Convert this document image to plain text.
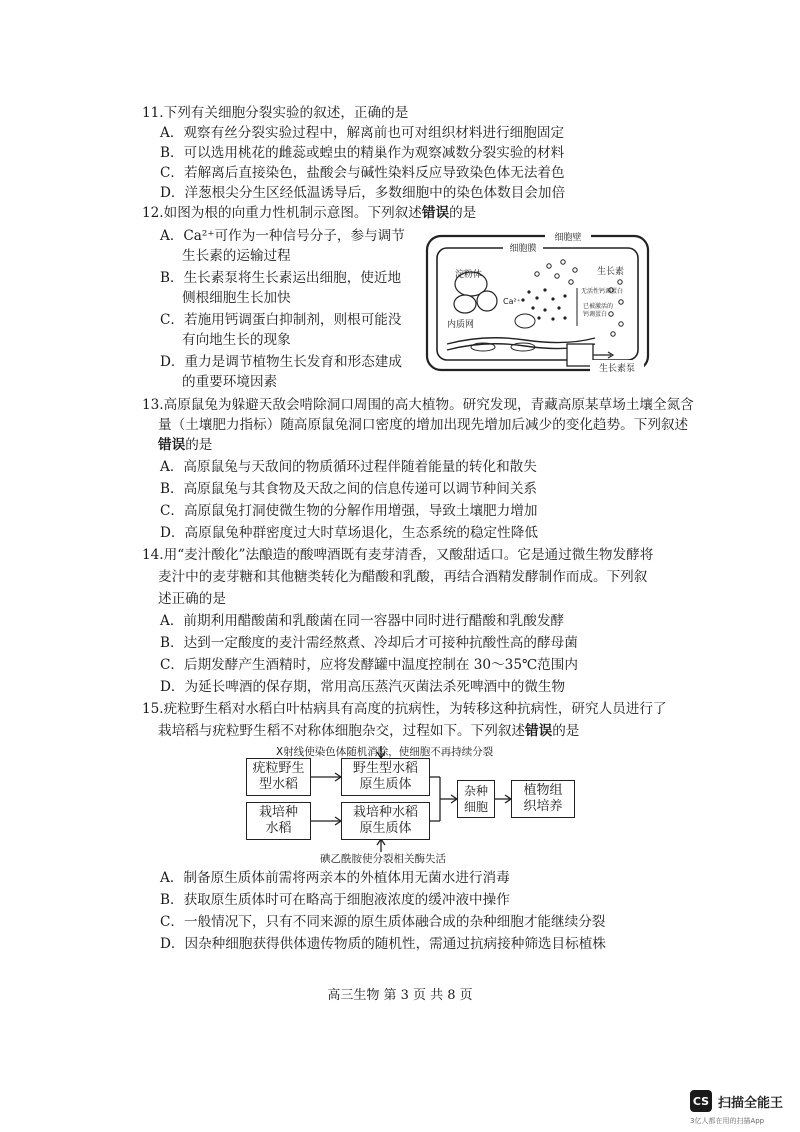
11.下列有关细胞分裂实验的叙述，正确的是
A．观察有丝分裂实验过程中，解离前也可对组织材料进行细胞固定
B．可以选用桃花的雌蕊或蝗虫的精巢作为观察减数分裂实验的材料
C．若解离后直接染色，盐酸会与碱性染料反应导致染色体无法着色
D．洋葱根尖分生区经低温诱导后，多数细胞中的染色体数目会加倍
12.如图为根的向重力性机制示意图。下列叙述错误的是
A．Ca²⁺可作为一种信号分子，参与调节
生长素的运输过程
B．生长素泵将生长素运出细胞，使近地
侧根细胞生长加快
C．若施用钙调蛋白抑制剂，则根可能没
有向地生长的现象
D．重力是调节植物生长发育和形态建成
的重要环境因素
细胞壁
细胞膜
淀粉体
Ca²⁺
内质网
生长素
无活性钙调蛋白
已被激活的
钙调蛋白
生长素泵
13.高原鼠兔为躲避天敌会啃除洞口周围的高大植物。研究发现，青藏高原某草场土壤全氮含
量（土壤肥力指标）随高原鼠兔洞口密度的增加出现先增加后减少的变化趋势。下列叙述
错误的是
A．高原鼠兔与天敌间的物质循环过程伴随着能量的转化和散失
B．高原鼠兔与其食物及天敌之间的信息传递可以调节种间关系
C．高原鼠兔打洞使微生物的分解作用增强，导致土壤肥力增加
D．高原鼠兔种群密度过大时草场退化，生态系统的稳定性降低
14.用“麦汁酸化”法酿造的酸啤酒既有麦芽清香，又酸甜适口。它是通过微生物发酵将
麦汁中的麦芽糖和其他糖类转化为醋酸和乳酸，再结合酒精发酵制作而成。下列叙
述正确的是
A．前期利用醋酸菌和乳酸菌在同一容器中同时进行醋酸和乳酸发酵
B．达到一定酸度的麦汁需经熬煮、冷却后才可接种抗酸性高的酵母菌
C．后期发酵产生酒精时，应将发酵罐中温度控制在 30～35℃范围内
D．为延长啤酒的保存期，常用高压蒸汽灭菌法杀死啤酒中的微生物
15.疣粒野生稻对水稻白叶枯病具有高度的抗病性，为转移这种抗病性，研究人员进行了
栽培稻与疣粒野生稻不对称体细胞杂交，过程如下。下列叙述错误的是
X射线使染色体随机消除，使细胞不再持续分裂
疣粒野生
型水稻
栽培种
水稻
野生型水稻
原生质体
栽培种水稻
原生质体
杂种
细胞
植物组
织培养
碘乙酰胺使分裂相关酶失活
A．制备原生质体前需将两亲本的外植体用无菌水进行消毒
B．获取原生质体时可在略高于细胞液浓度的缓冲液中操作
C．一般情况下，只有不同来源的原生质体融合成的杂种细胞才能继续分裂
D．因杂种细胞获得供体遗传物质的随机性，需通过抗病接种筛选目标植株
高三生物 第 3 页 共 8 页
CS 扫描全能王
3亿人都在用的扫描App
